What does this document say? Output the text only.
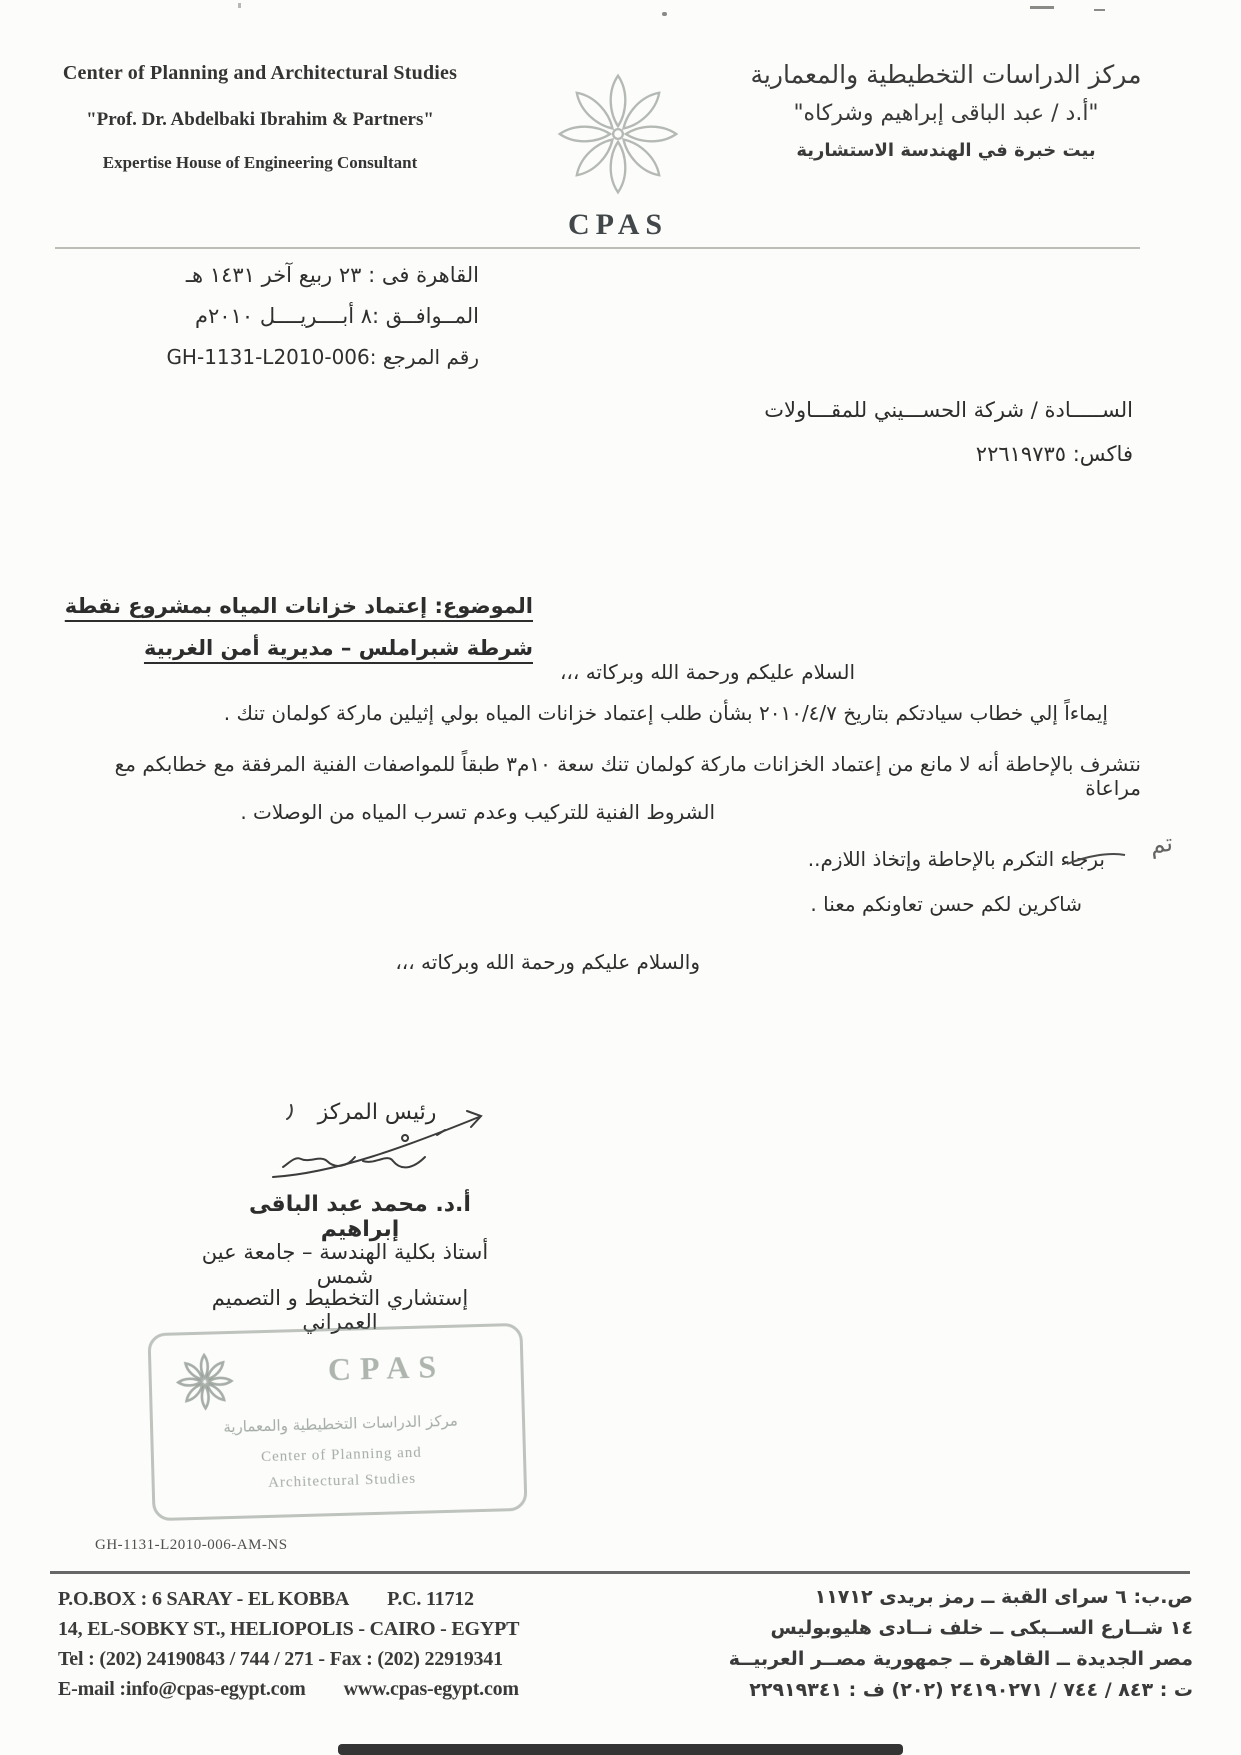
Center of Planning and Architectural Studies
"Prof. Dr. Abdelbaki Ibrahim & Partners"
Expertise House of Engineering Consultant
CPAS
مركز الدراسات التخطيطية والمعمارية
"أ.د / عبد الباقى إبراهيم وشركاه"
بيت خبرة في الهندسة الاستشارية
القاهرة فى : ٢٣ ربيع آخر ١٤٣١ هـ
المــوافــق :٨ أبــــريــــل ٢٠١٠م
رقم المرجع :GH-1131-L2010-006
الســـــادة / شركة الحســـيني للمقـــاولات
فاكس: ٢٢٦١٩٧٣٥
الموضوع: إعتماد خزانات المياه بمشروع نقطة
شرطة شبراملس – مديرية أمن الغربية
السلام عليكم ورحمة الله وبركاته ،،،
إيماءاً إلي خطاب سيادتكم بتاريخ ٢٠١٠/٤/٧ بشأن طلب إعتماد خزانات المياه بولي إثيلين ماركة كولمان تنك .
نتشرف بالإحاطة أنه لا مانع من إعتماد الخزانات ماركة كولمان تنك سعة ١٠م٣ طبقاً للمواصفات الفنية المرفقة مع خطابكم مع مراعاة
الشروط الفنية للتركيب وعدم تسرب المياه من الوصلات .
برجاء التكرم بالإحاطة وإتخاذ اللازم..
شاكرين لكم حسن تعاونكم معنا .
والسلام عليكم ورحمة الله وبركاته ،،،
تم
رئيس المركز
أ.د. محمد عبد الباقى إبراهيم
أستاذ بكلية الهندسة – جامعة عين شمس
إستشاري التخطيط و التصميم العمراني
CPAS
مركز الدراسات التخطيطية والمعمارية
Center of Planning and
Architectural Studies
GH-1131-L2010-006-AM-NS
P.O.BOX : 6 SARAY - EL KOBBA P.C. 11712
14, EL-SOBKY ST., HELIOPOLIS - CAIRO - EGYPT
Tel : (202) 24190843 / 744 / 271 - Fax : (202) 22919341
E-mail :info@cpas-egypt.com www.cpas-egypt.com
ص.ب: ٦ سراى القبة ــ رمز بريدى ١١٧١٢
١٤ شــارع الســبكى ــ خلف نــادى هليوبوليس
مصر الجديدة ــ القاهرة ــ جمهورية مصــر العربيــة
ت : ٨٤٣ / ٧٤٤ / ٢٤١٩٠٢٧١ (٢٠٢) ف : ٢٢٩١٩٣٤١
